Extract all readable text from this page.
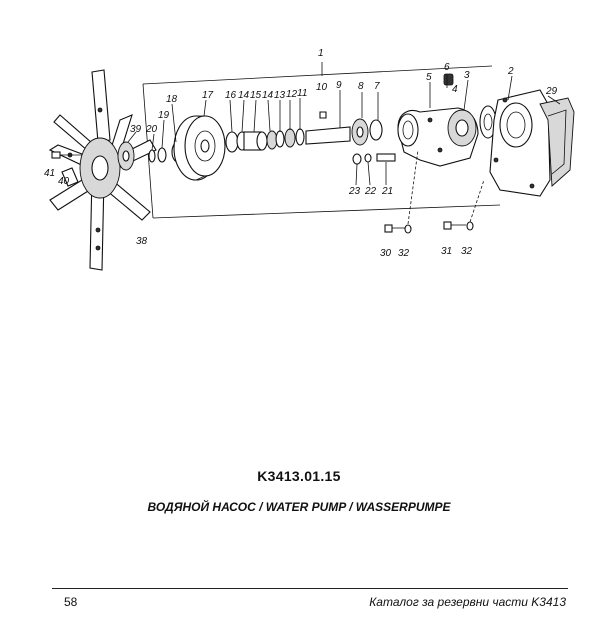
1
2
3
4
5
6
7
8
9
10
11
12
13
14
15
14
16
17
18
19
20
21
22
23
29
30 32	31 32
38
39
40
41
K3413.01.15
ВОДЯНОЙ НАСОС / WATER PUMP / WASSERPUMPE
58	Каталог за резервни части K3413
